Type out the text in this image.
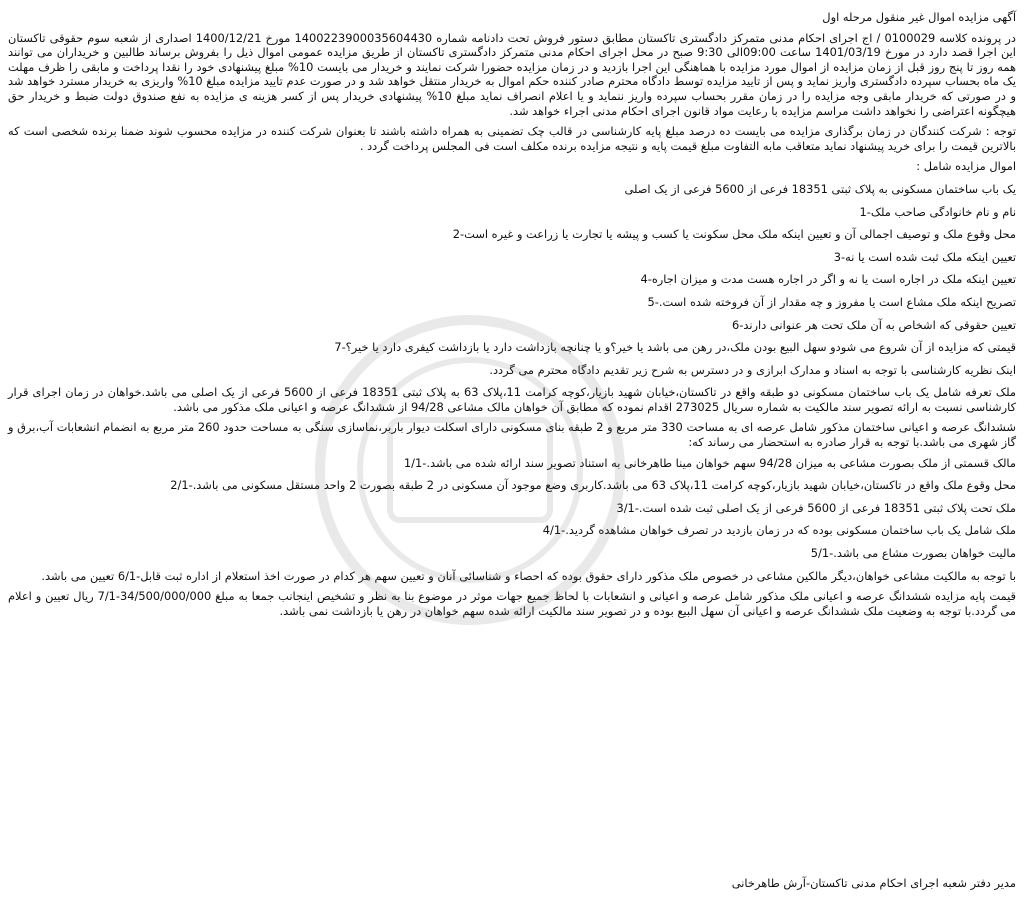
آگهی مزایده اموال غیر منقول مرحله اول

در پرونده کلاسه 0100029 / اج اجرای احکام مدنی متمرکز دادگستری تاکستان مطابق دستور فروش تحت دادنامه شماره 140022390003560443‌0 مورخ 1400/12/21 اصداری از شعبه سوم حقوقی تاکستان این اجرا قصد دارد در مورخ 1401/03/19 ساعت 09:00الی 9:30 صبح در محل اجرای احکام مدنی متمرکز دادگستری تاکستان از طریق مزایده عمومی اموال ذیل را بفروش برساند طالبین و خریداران می توانند همه روز تا پنج روز قبل از زمان مزایده از اموال مورد مزایده با هماهنگی این اجرا بازدید و در زمان مزایده حضورا شرکت نمایند و خریدار می بایست 10% مبلغ پیشنهادی خود را نقدا پرداخت و مابقی را ظرف مهلت یک ماه بحساب سپرده دادگستری واریز نماید و پس از تایید مزایده توسط دادگاه محترم صادر کننده حکم اموال به خریدار منتقل خواهد شد و در صورت عدم تایید مزایده مبلغ 10% واریزی به خریدار مسترد خواهد شد و در صورتی که خریدار مابقی وجه مزایده را در زمان مقرر بحساب سپرده واریز ننماید و یا اعلام انصراف نماید مبلغ 10% پیشنهادی خریدار پس از کسر هزینه ی مزایده به نفع صندوق دولت ضبط و خریدار حق هیچگونه اعتراضی را نخواهد داشت مراسم مزایده با رعایت مواد قانون اجرای احکام مدنی اجراء خواهد شد.

توجه : شرکت کنندگان در زمان برگذاری مزایده می بایست ده درصد مبلغ پایه کارشناسی در قالب چک تضمینی به همراه داشته باشند تا بعنوان شرکت کننده در مزایده محسوب شوند ضمنا برنده شخصی است که بالاترین قیمت را برای خرید پیشنهاد نماید متعاقب مابه التفاوت مبلغ قیمت پایه و نتیجه مزایده برنده مکلف است فی المجلس پرداخت گردد .

اموال مزایده شامل :

یک باب ساختمان مسکونی به پلاک ثبتی 18351 فرعی از 5600 فرعی از یک اصلی

نام و نام خانوادگی صاحب ملک-1

محل وقوع ملک و توصیف اجمالی آن و تعیین اینکه ملک محل سکونت یا کسب و پیشه یا تجارت یا زراعت و غیره است-2

تعیین اینکه ملک ثبت شده است یا نه-3

تعیین اینکه ملک در اجاره است یا نه و اگر در اجاره هست مدت و میزان اجاره-4

تصریح اینکه ملک مشاع است یا مفروز و چه مقدار از آن فروخته شده است.-5

تعیین حقوقی که اشخاص به آن ملک تحت هر عنوانی دارند-6

قیمتی که مزایده از آن شروع می شودو سهل البیع بودن ملک،در رهن می باشد یا خیر؟و یا چنانچه بازداشت دارد یا بازداشت کیفری دارد یا خیر؟-7

اینک نظریه کارشناسی با توجه به اسناد و مدارک ابرازی و در دسترس به شرح زیر تقدیم دادگاه محترم می گردد.

ملک تعرفه شامل یک باب ساختمان مسکونی دو طبقه واقع در تاکستان،خیابان شهید بازیار،کوچه کرامت 11،پلاک 63 به پلاک ثبتی 18351 فرعی از 5600 فرعی از یک اصلی می باشد.خواهان در زمان اجرای قرار کارشناسی نسبت به ارائه تصویر سند مالکیت به شماره سریال 273025 اقدام نموده که مطابق آن خواهان مالک مشاعی 94/28 از ششدانگ عرصه و اعیانی ملک مذکور می باشد.

ششدانگ عرصه و اعیانی ساختمان مذکور شامل عرصه ای به مساحت 330 متر مربع و 2 طبقه بنای مسکونی دارای اسکلت دیوار باربر،نماسازی سنگی به مساحت حدود 260 متر مربع به انضمام انشعابات آب،برق و گاز شهری می باشد.با توجه به قرار صادره به استحضار می رساند که:

مالک قسمتی از ملک بصورت مشاعی به میزان 94/28 سهم خواهان مینا طاهرخانی به استناد تصویر سند ارائه شده می باشد.-1/1

محل وقوع ملک واقع در تاکستان،خیابان شهید بازیار،کوچه کرامت 11،پلاک 63 می باشد.کاربری وضع موجود آن مسکونی در 2 طبقه بصورت 2 واحد مستقل مسکونی می باشد.-2/1

ملک تحت پلاک ثبتی 18351 فرعی از 5600 فرعی از یک اصلی ثبت شده است.-3/1

ملک شامل یک باب ساختمان مسکونی بوده که در زمان بازدید در تصرف خواهان مشاهده گردید.-4/1

مالیت خواهان بصورت مشاع می باشد.-5/1

با توجه به مالکیت مشاعی خواهان،دیگر مالکین مشاعی در خصوص ملک مذکور دارای حقوق بوده که احصاء و شناسائی آنان و تعیین سهم هر کدام در صورت اخذ استعلام از اداره ثبت قابل-6/1 تعیین می باشد.

قیمت پایه مزایده ششدانگ عرصه و اعیانی ملک مذکور شامل عرصه و اعیانی و انشعابات با لحاظ جمیع جهات موثر در موضوع بنا به نظر و تشخیص اینجانب جمعا به مبلغ 34/500/000/000-7/1 ریال تعیین و اعلام می گردد.با توجه به وضعیت ملک ششدانگ عرصه و اعیانی آن سهل البیع بوده و در تصویر سند مالکیت ارائه شده سهم خواهان در رهن یا بازداشت نمی باشد.

مدیر دفتر شعبه اجرای احکام مدنی تاکستان-آرش طاهرخانی
